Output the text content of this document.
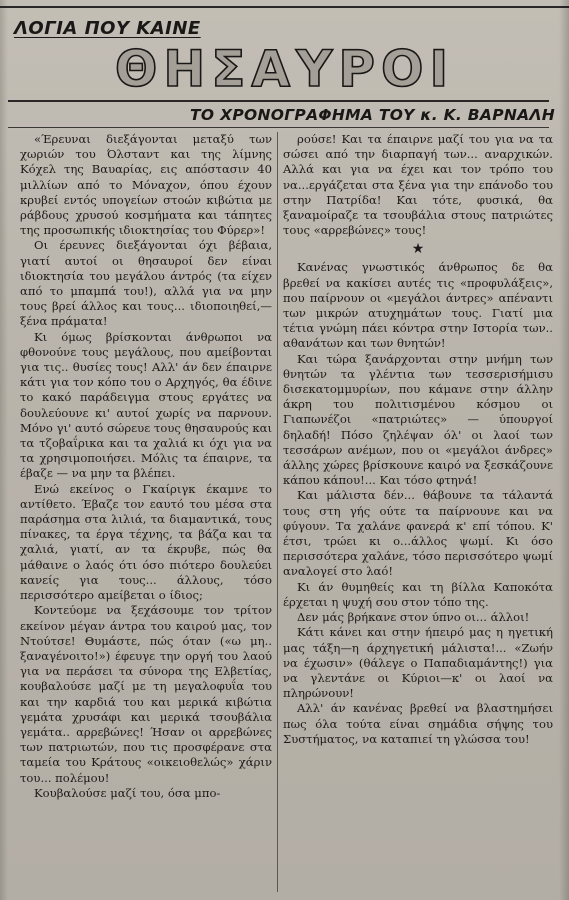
ΛΟΓΙΑ ΠΟΥ ΚΑΙΝΕ
ΘΗΣΑΥΡΟΙ
ΤΟ ΧΡΟΝΟΓΡΑΦΗΜΑ ΤΟΥ κ. Κ. ΒΑΡΝΑΛΗ

«Έρευναι διεξάγονται μεταξύ των χωριών του Όλσταντ και της λίμνης Κόχελ της Βαυαρίας, εις απόστασιν 40 μιλλίων από το Μόναχον, όπου έχουν κρυβεί εντός υπογείων στοών κιβώτια με ράβδους χρυσού κοσμήματα και τάπητες της προσωπικής ιδιοκτησίας του Φύρερ»!

Οι έρευνες διεξάγονται όχι βέβαια, γιατί αυτοί οι θησαυροί δεν είναι ιδιοκτησία του μεγάλου άντρός (τα είχεν από το μπαμπά του!), αλλά για να μην τους βρεί άλλος και τους... ιδιοποιηθεί,—ξένα πράματα!

Κι όμως βρίσκονται άνθρωποι να φθονούνε τους μεγάλους, που αμείβονται για τις.. θυσίες τους! Αλλ' άν δεν έπαιρνε κάτι για τον κόπο του ο Αρχηγός, θα έδινε το κακό παράδειγμα στους εργάτες να δουλεύουνε κι' αυτοί χωρίς να παρνουν. Μόνο γι' αυτό σώρευε τους θησαυρούς και τα τζοβαΐρικα και τα χαλιά κι όχι για να τα χρησιμοποιήσει. Μόλις τα έπαιρνε, τα έβαζε — να μην τα βλέπει.

Ενώ εκείνος ο Γκαίριγκ έκαμνε το αντίθετο. Έβαζε τον εαυτό του μέσα στα παράσημα στα λιλιά, τα διαμαντικά, τους πίνακες, τα έργα τέχνης, τα βάζα και τα χαλιά, γιατί, αν τα έκρυβε, πώς θα μάθαινε ο λαός ότι όσο πιότερο δουλεύει κανείς για τους... άλλους, τόσο περισσότερο αμείβεται ο ίδιος;

Κοντεύομε να ξεχάσουμε τον τρίτον εκείνον μέγαν άντρα του καιρού μας, τον Ντούτσε! Θυμάστε, πώς όταν («ω μη.. ξαναγένοιτο!») έφευγε την οργή του λαού για να περάσει τα σύνορα της Ελβετίας, κουβαλούσε μαζί με τη μεγαλοφυΐα του και την καρδιά του και μερικά κιβώτια γεμάτα χρυσάφι και μερικά τσουβάλια γεμάτα.. αρρεβώνες! Ήσαν οι αρρεβώνες των πατριωτών, που τις προσφέρανε στα ταμεία του Κράτους «οικειοθελώς» χάριν του... πολέμου!

Κουβαλούσε μαζί του, όσα μπο-

ρούσε! Και τα έπαιρνε μαζί του για να τα σώσει από την διαρπαγή των... αναρχικών. Αλλά και για να έχει και τον τρόπο του να...εργάζεται στα ξένα για την επάνοδο του στην Πατρίδα! Και τότε, φυσικά, θα ξαναμοίραζε τα τσουβάλια στους πατριώτες τους «αρρεβώνες» τους!

★

Κανένας γνωστικός άνθρωπος δε θα βρεθεί να κακίσει αυτές τις «προφυλάξεις», που παίρνουν οι «μεγάλοι άντρες» απέναντι των μικρών ατυχημάτων τους. Γιατί μια τέτια γνώμη πάει κόντρα στην Ιστορία των.. αθανάτων και των θνητών!

Και τώρα ξανάρχονται στην μνήμη των θνητών τα γλέντια των τεσσερισήμισυ δισεκατομμυρίων, που κάμανε στην άλλην άκρη του πολιτισμένου κόσμου οι Γιαπωνέζοι «πατριώτες» — ύπουργοί δηλαδή! Πόσο ζηλέψαν όλ' οι λαοί των τεσσάρων ανέμων, που οι «μεγάλοι άνδρες» άλλης χώρες βρίσκουνε καιρό να ξεσκάζουνε κάπου κάπου!... Και τόσο φτηνά!

Και μάλιστα δέν... θάβουνε τα τάλαντά τους στη γής ούτε τα παίρνουνε και να φύγουν. Τα χαλάνε φανερά κ' επί τόπου. Κ' έτσι, τρώει κι ο...άλλος ψωμί. Κι όσο περισσότερα χαλάνε, τόσο περισσότερο ψωμί αναλογεί στο λαό!

Κι άν θυμηθείς και τη βίλλα Καποκότα έρχεται η ψυχή σου στον τόπο της.

Δεν μάς βρήκανε στον ύπνο οι... άλλοι!

Κάτι κάνει και στην ήπειρό μας η ηγετική μας τάξη—η άρχηγετική μάλιστα!... «Ζωήν να έχωσιν» (θάλεγε ο Παπαδιαμάντης!) για να γλεντάνε οι Κύριοι—κ' οι λαοί να πληρώνουν!

Αλλ' άν κανένας βρεθεί να βλαστημήσει πως όλα τούτα είναι σημάδια σήψης του Συστήματος, να καταπιεί τη γλώσσα του!
